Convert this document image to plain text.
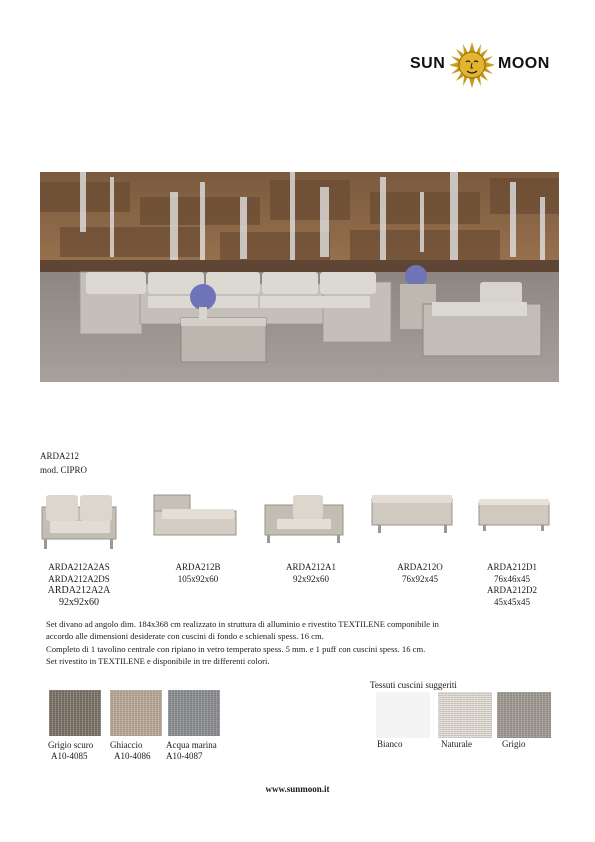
SUN	MOON
ARDA212
mod. CIPRO
ARDA212A2AS
ARDA212A2DS
ARDA212A2A
92x92x60
ARDA212B
105x92x60
ARDA212A1
92x92x60
ARDA212O
76x92x45
ARDA212D1
76x46x45
ARDA212D2
45x45x45
Set divano ad angolo dim. 184x368 cm realizzato in struttura di alluminio e rivestito TEXTILENE componibile in
accordo alle dimensioni desiderate con cuscini di fondo e schienali spess. 16 cm.
Completo di 1 tavolino centrale con ripiano in vetro temperato spess. 5 mm. e 1 puff con cuscini spess. 16 cm.
Set rivestito in TEXTILENE e disponibile in tre differenti colori.
Grigio scuro
A10-4085
Ghiaccio
A10-4086
Acqua marina
A10-4087
Tessuti cuscini suggeriti
Bianco	Naturale	Grigio
www.sunmoon.it
